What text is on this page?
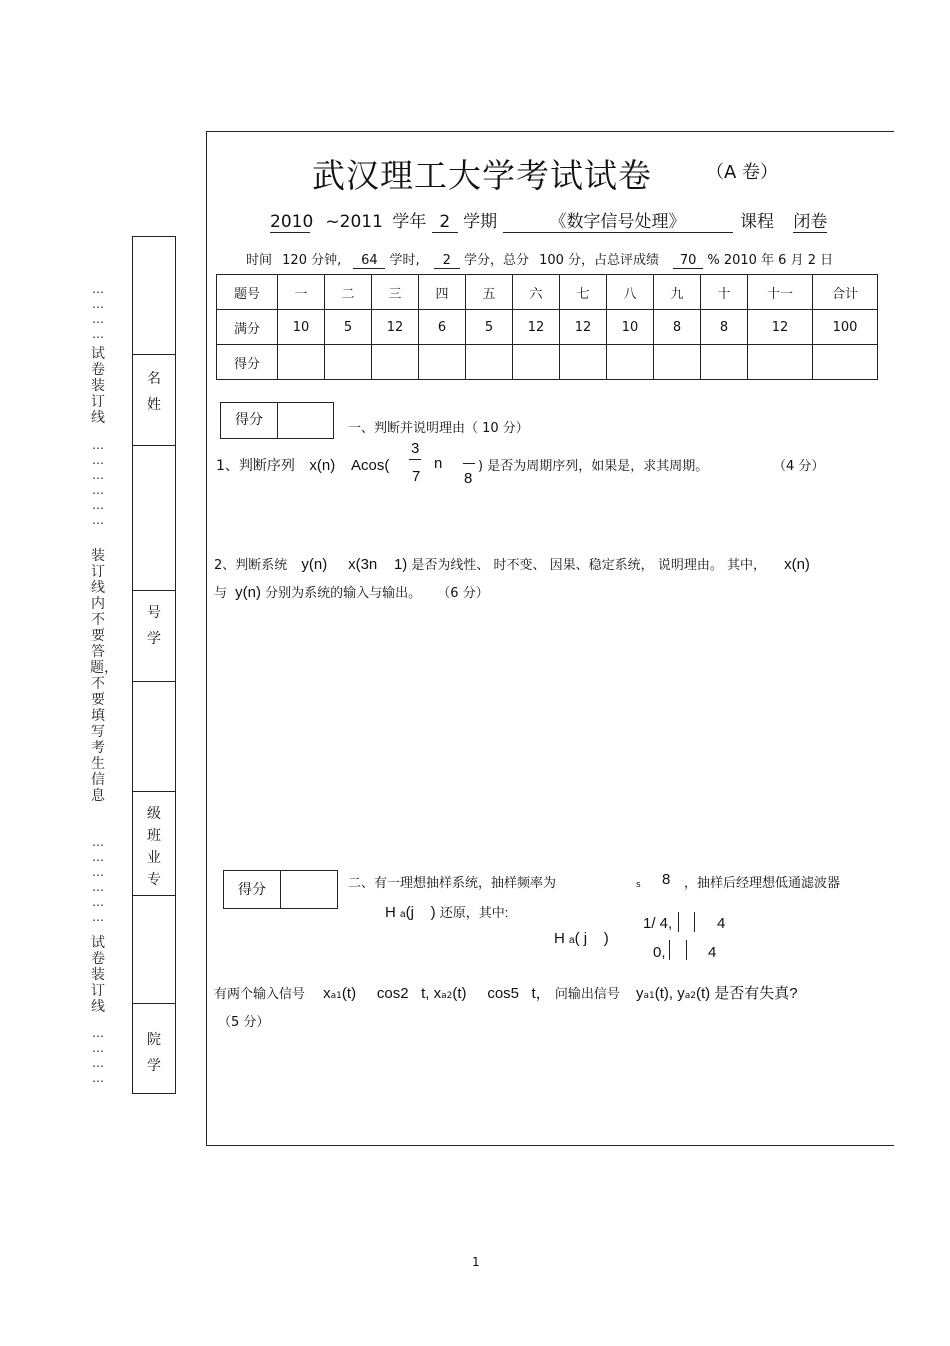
…
…
…
…
试卷装订线
…
…
…
…
…
…
装订线内不要答题，不要填写考生信息
…
…
…
…
…
…
试卷装订线
…
…
…
…
名姓
号学
级班业专
院学
武汉理工大学考试试卷	（A 卷）
2010 ~2011 学年 2 学期	《数字信号处理》	课程 闭卷
时间 120 分钟, 64 学时, 2 学分，总分 100 分，占总评成绩 70 % 2010 年 6 月 2 日
题号	一	二	三	四	五	六	七	八	九	十	十一	合计
满分	10	5	12	6	5	12	12	10	8	8	12	100
得分												
得分
一、判断并说明理由（ 10 分）
1、判断序列 x(n)    Acos(
3
7
n
8
) 是否为周期序列，如果是，求其周期。	（4 分）
2、判断系统 y(n)     x(3n    1) 是否为线性、 时不变、 因果、稳定系统， 说明理由。 其中， x(n)
与 y(n) 分别为系统的输入与输出。 （6 分）
得分	二、有一理想抽样系统，抽样频率为	s 8 ，抽样后经理想低通滤波器
H a(j    ) 还原，其中:
H a( j    )
1/ 4,	4
0,	4
有两个输入信号 xa1(t)     cos2   t, xa2(t)     cos5   t， 问输出信号 ya1(t), ya2(t) 是否有失真?
（5 分）
1
